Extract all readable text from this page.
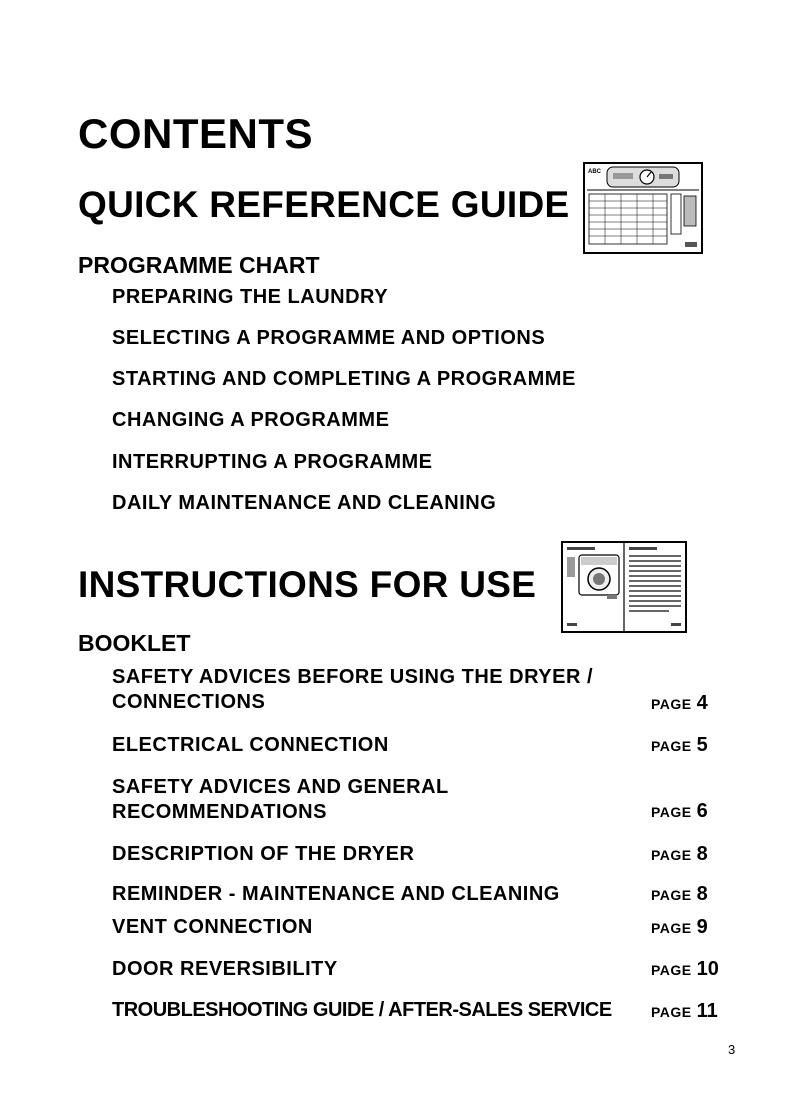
CONTENTS
QUICK REFERENCE GUIDE
ABC
PROGRAMME CHART
PREPARING THE LAUNDRY
SELECTING A PROGRAMME AND OPTIONS
STARTING AND COMPLETING A PROGRAMME
CHANGING A PROGRAMME
INTERRUPTING A PROGRAMME
DAILY MAINTENANCE AND CLEANING
INSTRUCTIONS FOR USE
BOOKLET
SAFETY ADVICES BEFORE USING THE DRYER /
CONNECTIONS	PAGE 4
ELECTRICAL CONNECTION	PAGE 5
SAFETY ADVICES AND GENERAL
RECOMMENDATIONS	PAGE 6
DESCRIPTION OF THE DRYER	PAGE 8
REMINDER - MAINTENANCE AND CLEANING	PAGE 8
VENT CONNECTION	PAGE 9
DOOR REVERSIBILITY	PAGE 10
TROUBLESHOOTING GUIDE / AFTER-SALES SERVICE	PAGE 11
3
